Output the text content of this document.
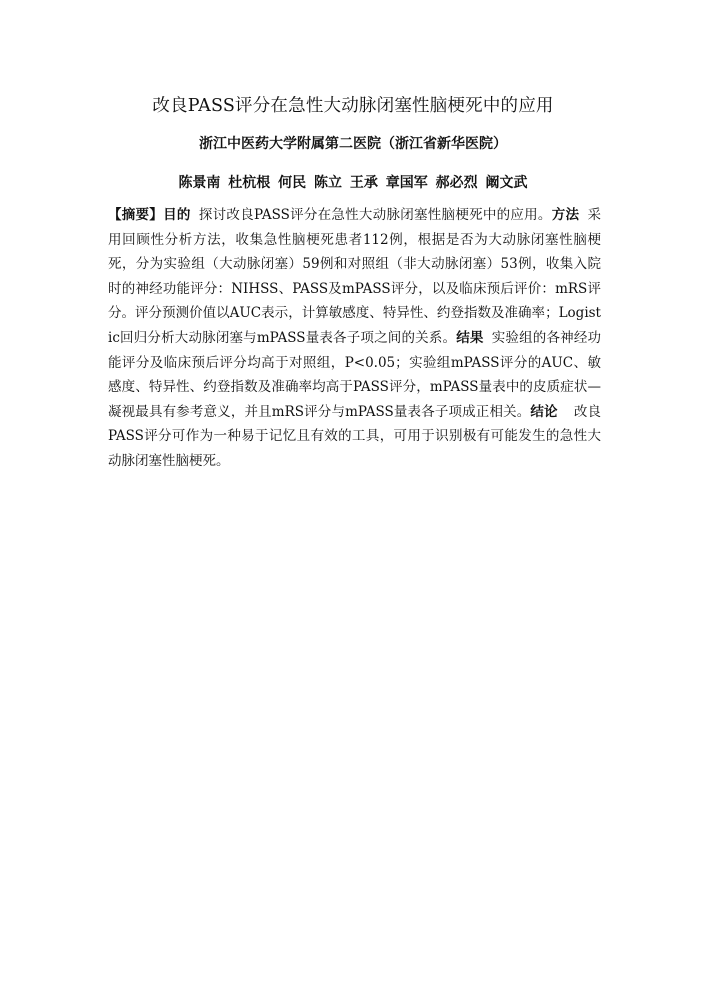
改良PASS评分在急性大动脉闭塞性脑梗死中的应用
浙江中医药大学附属第二医院（浙江省新华医院）
陈景南 杜杭根 何民 陈立 王承 章国军 郝必烈 阚文武
【摘要】目的 探讨改良PASS评分在急性大动脉闭塞性脑梗死中的应用。方法 采用回顾性分析方法，收集急性脑梗死患者112例，根据是否为大动脉闭塞性脑梗死，分为实验组（大动脉闭塞）59例和对照组（非大动脉闭塞）53例，收集入院时的神经功能评分：NIHSS、PASS及mPASS评分，以及临床预后评价：mRS评分。评分预测价值以AUC表示，计算敏感度、特异性、约登指数及准确率；Logistic回归分析大动脉闭塞与mPASS量表各子项之间的关系。结果 实验组的各神经功能评分及临床预后评分均高于对照组，P<0.05；实验组mPASS评分的AUC、敏感度、特异性、约登指数及准确率均高于PASS评分，mPASS量表中的皮质症状—凝视最具有参考意义，并且mRS评分与mPASS量表各子项成正相关。结论 改良PASS评分可作为一种易于记忆且有效的工具，可用于识别极有可能发生的急性大动脉闭塞性脑梗死。
